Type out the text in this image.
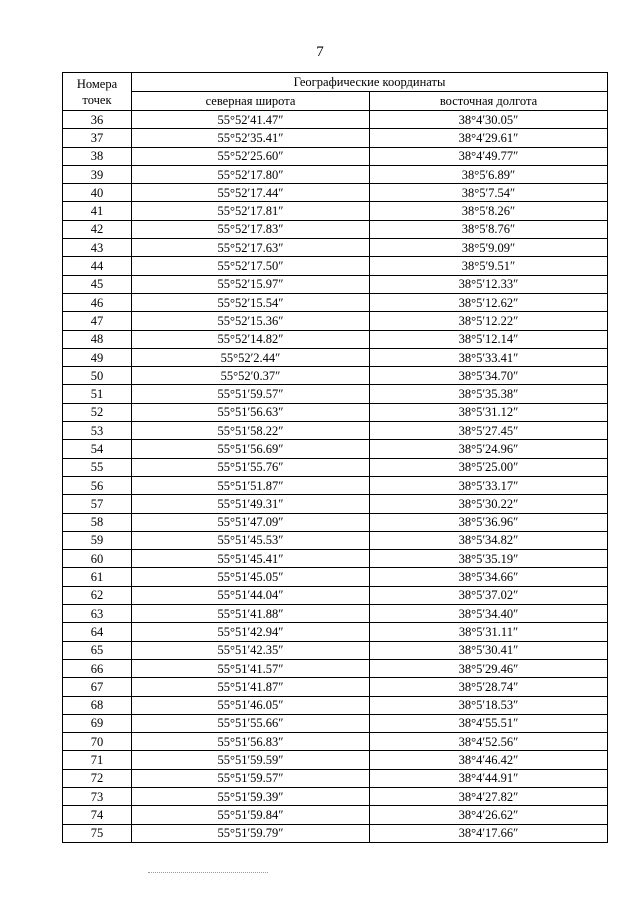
7
Номера точек	Географические координаты	
	северная широта	восточная долгота
36	55°52′41.47″	38°4′30.05″
37	55°52′35.41″	38°4′29.61″
38	55°52′25.60″	38°4′49.77″
39	55°52′17.80″	38°5′6.89″
40	55°52′17.44″	38°5′7.54″
41	55°52′17.81″	38°5′8.26″
42	55°52′17.83″	38°5′8.76″
43	55°52′17.63″	38°5′9.09″
44	55°52′17.50″	38°5′9.51″
45	55°52′15.97″	38°5′12.33″
46	55°52′15.54″	38°5′12.62″
47	55°52′15.36″	38°5′12.22″
48	55°52′14.82″	38°5′12.14″
49	55°52′2.44″	38°5′33.41″
50	55°52′0.37″	38°5′34.70″
51	55°51′59.57″	38°5′35.38″
52	55°51′56.63″	38°5′31.12″
53	55°51′58.22″	38°5′27.45″
54	55°51′56.69″	38°5′24.96″
55	55°51′55.76″	38°5′25.00″
56	55°51′51.87″	38°5′33.17″
57	55°51′49.31″	38°5′30.22″
58	55°51′47.09″	38°5′36.96″
59	55°51′45.53″	38°5′34.82″
60	55°51′45.41″	38°5′35.19″
61	55°51′45.05″	38°5′34.66″
62	55°51′44.04″	38°5′37.02″
63	55°51′41.88″	38°5′34.40″
64	55°51′42.94″	38°5′31.11″
65	55°51′42.35″	38°5′30.41″
66	55°51′41.57″	38°5′29.46″
67	55°51′41.87″	38°5′28.74″
68	55°51′46.05″	38°5′18.53″
69	55°51′55.66″	38°4′55.51″
70	55°51′56.83″	38°4′52.56″
71	55°51′59.59″	38°4′46.42″
72	55°51′59.57″	38°4′44.91″
73	55°51′59.39″	38°4′27.82″
74	55°51′59.84″	38°4′26.62″
75	55°51′59.79″	38°4′17.66″
